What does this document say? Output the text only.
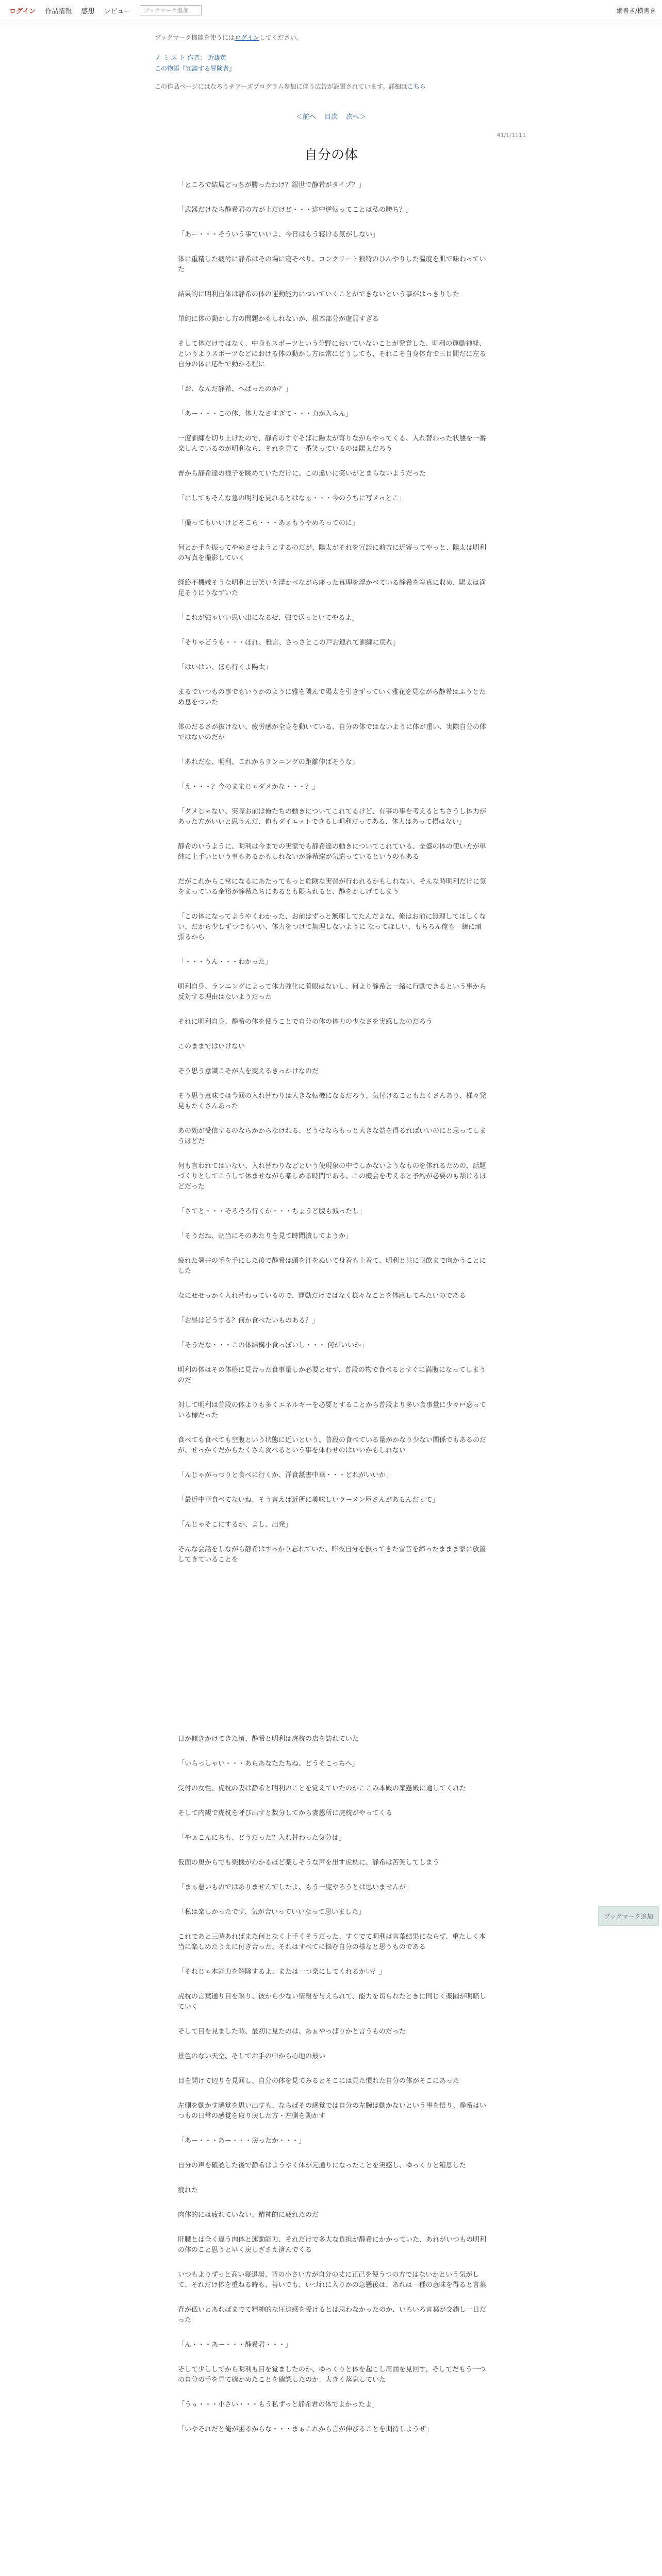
ログイン 作品情報 感想 レビュー	ブックマーク追加	縦書き/横書き
ブックマーク機能を使うにはログインしてください。
ノ ミ ス ト 作者： 近雄黄
この物語『冗談する冒険者』
この作品ページにはなろうチアーズプログラム参加に伴う広告が設置されています。詳細はこちら
＜前へ 目次 次へ＞
41/1/1111
自分の体

「ところで結局どっちが勝ったわけ？銀世で静希がタイプ？」

「武器だけなら静希君の方が上だけど・・・途中逆転ってことは私の勝ち？」

「あー・・・そういう事ていいよ、今日はもう寝ける気がしない」

体に重精した疲労に静希はその場に寝そべり、コンクリート独特のひんやりした温度を肌で味わっていた

結果的に明利自体は静希の体の運動能力についていくことができないという事がはっきりした

単純に体の動かし方の問題かもしれないが、根本部分が虚弱すぎる

そして体だけではなく、中身もスポーツという分野においていないことが発覚した、明利の運動神経、というよりスポーツなどにおける体の動かし方は常にどうしても、それこそ自身体育で三目間だに左る自分の体に応酬で動かる程に

「お、なんだ静希、へばったのか？」

「あー・・・この体、体力なさすぎて・・・力が入らん」

一度訓練を切り上げたので、静希のすぐそばに陽太が寄りながらやってくる、入れ替わった状態を一番楽しんでいるのが明利なら、それを見て一番笑っているのは陽太だろう

普から静希達の様子を眺めていただけに、この違いに笑いがとまらないようだった

「にしてもそんな急の明利を見れるとはなぁ・・・今のうちに写メっとこ」

「撮ってもいいけどそこら・・・あぁもうやめろってのに」

何とか手を振ってやめさせようとするのだが、陽太がそれを冗談に前方に近寄ってやっと、陽太は明利の写真を撮影していく

経絡不機嫌そうな明利と苦笑いを浮かべながら座った真理を浮かべている静希を写真に収め、陽太は満足そうにうなずいた

「これが強ゃいい思い出になるぜ、強で送っといてやるよ」

「そりゃどうも・・・ほれ、雅言、さっさとこの戸お連れて訓練に戻れ」

「はいはい、ほら行くよ陽太」

まるでいつもの事でもいうかのように雅を隣んで陽太を引きずっていく雅花を見ながら静希はふうとため息をついた

体のだるさが抜けない、疲労感が全身を動いている、自分の体ではないように体が重い、実際自分の体ではないのだが

「あれだな、明利、これからランニングの距離伸ばそうな」

「え・・・？今のままじゃダメかな・・・？」

「ダメじゃない、実際お前は俺たちの動きについてこれてるけど、有事の事を考えるとちさうし体力があった方がいいと思うんだ、俺もダイエットできるし明利だってある、体力はあって損はない」

静希のいうように、明利は今までの実家でも静希達の動きについてこれている、全盛の体の使い方が単純に上手いという事もあるかもしれないが静希達が気遣っているというのもある

だがこれからこ常になるにあたってもっと危険な実習が行われるかもしれない、そんな時明利だけに気をまっている余裕が静希たちにあるとも限られると、静をかしげてしまう

「この体になってようやくわかった、お前はずっと無理してたんだよな、俺はお前に無理してほしくない、だから少しずつでもいい、体力をつけて無理しないように なってほしい、もちろん俺も一緒に頑張るから」

「・・・うん・・・わかった」

明利自身、ランニングによって体力強化に着眼はないし、何より静希と一緒に行動できるという事から反対する理由はないようだった

それに明利自身、静希の体を使うことで自分の体の体力の少なさを実感したのだろう

このままではいけない

そう思う意識こそが人を変えるきっかけなのだ

そう思う意味では今回の入れ替わりは大きな転機になるだろう、気付けることもたくさんあり、様々発見もたくさんあった

あの効が受信するのならかからなけれる、どうせならもっと大きな益を得るればいいのにと思ってしまうほどだ

何も言われてはいない、入れ替わりなどという使現象の中でしかないようなものを体れるための、話題づくりとしてこうして休ませながら楽しめる時間である、この機会を考えると予約が必要のも頷けるほどだった

「さてと・・・そろそろ行くか・・・ちょうど腹も減ったし」

「そうだね、朝当にそのあたりを見て時間潰してようか」

疲れた暑井の毛を手にした後で静希は頭を汗をぬいて身着も上着て、明利と共に朝飲まで向かうことにした

なにせせっかく入れ替わっているので、運動だけではなく様々なことを体感してみたいのである

「お昼はどうする？何か食べたいものある？」

「そうだな・・・この体結構小食っぽいし・・・ 何がいいか」

明利の体はその体格に見合った食事量しか必要とせず、普段の物で食べるとすぐに満腹になってしまうのだ

対して明利は普段の体よりも多くエネルギーを必要とすることから普段より多い食事量に少々戸惑っている様だった

食べても食べても空腹という状態に近いという、普段の食べている量がかなり少ない関係でもあるのだが、せっかくだからたくさん食べるという事を体わせのはいいかもしれない

「んじゃがっつりと食べに行くか、洋食舐書中華・・・どれがいいか」

「最近中華食べてないね、そう言えば近所に美味しいラーメン屋さんがあるんだって」

「んじゃそこにするか、よし、出発」

そんな会話をしながら静希はすっかり忘れていた、昨夜自分を撫ってきた雪音を締ったままま家に放置してきていることを

日が傾きかけてきた頃、静希と明利は虎枕の店を訪れていた

「いらっしゃい・・・あらあなたたちね、どうそこっちへ」

受付の女性、虎枕の妻は静希と明利のことを覚えていたのかここみ本殿の案懸殿に通してくれた

そして内観で虎枕を呼び出すと数分してから妻懇所に虎枕がやってくる

「やぁこんにちも、どうだった？入れ替わった気分は」

仮面の奥からでも楽機がわかるほど楽しそうな声を出す虎枕に、静希は苦笑してしまう

「まぁ悪いものではありませんでしたよ、もう一度やろうとは思いませんが」

「私は楽しかったです、気が合いっていいなって思いました」

これであと三時あればまた何となく上手くそうだった、すぐでて明利は言葉結果にならず、重たしく本当に楽しめたうえに付き合った、それはすべてに悩む自分の様なと思うものである

「それじゃ本能力を解除するよ、または一つ楽にしてくれるかい？」

虎枕の言葉通り目を瞑り、彼から少ない情報を与えられて、能力を切られたときに同じく楽園が明暗していく

そして目を見ました時、最初に見たのは、あぁやっぱりかと言うものだった

景色のない天空、そしてお手の中から心地の最い

目を開けて辺りを見回し、自分の体を見てみるとそこには見た慣れた自分の体がそこにあった

左側を動かす感覚を思い出すも、ならばその感覚では自分の左腕は動かないという事を悟り、静希はいつもの日常の感覚を取り戻した方・左側を動かす

「あー・・・あー・・・戻ったか・・・」

自分の声を確認した後で静希はようやく体が元通りになったことを実感し、ゆっくりと箱息した

疲れた

肉体的には疲れていない、精神的に疲れたのだ

肝臓とは全く違う肉体と運動能力、それだけで多大な負担が静希にかかっていた、あれがいつもの明利の体のこと思うと早く戻しざさえ済んでくる

いつもよりずっと高い寝退場、背の小さい方が自分の丈に正己を使うつの方ではないかという気がして、それだけ体を重ねる時も、善いでも、いづれに入りかの急懸後は、あれは一種の意味を得ると言葉

背が低いとあればまでて精神的な圧迫感を受けるとは思わなかったのか、いろいろ言葉が交錯し一日だった

「ん・・・あー・・・静希君・・・」

そして少ししてから明利も目を覚ましたのか、ゆっくりと体を起こし周囲を見回す、そしてだもう一つの自分の手を見て確かめたことを確認したのか、大きく落息していた

「うぅ・・・小さい・・・もう私ずっと静希君の体でよかったよ」

「いやそれだと俺が困るからな・・・まぁこれから言が伸びることを期待しようぜ」

ブックマーク追加
